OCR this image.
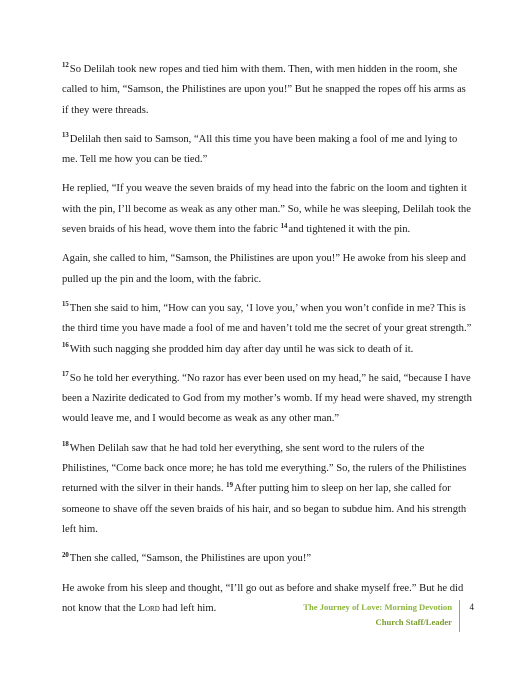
$^{12}$So Delilah took new ropes and tied him with them. Then, with men hidden in the room, she called to him, “Samson, the Philistines are upon you!” But he snapped the ropes off his arms as if they were threads.

$^{13}$Delilah then said to Samson, “All this time you have been making a fool of me and lying to me. Tell me how you can be tied.”

He replied, “If you weave the seven braids of my head into the fabric on the loom and tighten it with the pin, I’ll become as weak as any other man.” So, while he was sleeping, Delilah took the seven braids of his head, wove them into the fabric $^{14}$and tightened it with the pin.

Again, she called to him, “Samson, the Philistines are upon you!” He awoke from his sleep and pulled up the pin and the loom, with the fabric.

$^{15}$Then she said to him, “How can you say, ‘I love you,’ when you won’t confide in me? This is the third time you have made a fool of me and haven’t told me the secret of your great strength.” $^{16}$With such nagging she prodded him day after day until he was sick to death of it.

$^{17}$So he told her everything. “No razor has ever been used on my head,” he said, “because I have been a Nazirite dedicated to God from my mother’s womb. If my head were shaved, my strength would leave me, and I would become as weak as any other man.”

$^{18}$When Delilah saw that he had told her everything, she sent word to the rulers of the Philistines, “Come back once more; he has told me everything.” So, the rulers of the Philistines returned with the silver in their hands. $^{19}$After putting him to sleep on her lap, she called for someone to shave off the seven braids of his hair, and so began to subdue him. And his strength left him.

$^{20}$Then she called, “Samson, the Philistines are upon you!”

He awoke from his sleep and thought, “I’ll go out as before and shake myself free.” But he did not know that the Lord had left him.	The Journey of Love: Morning Devotion
Church Staff/Leader
4
